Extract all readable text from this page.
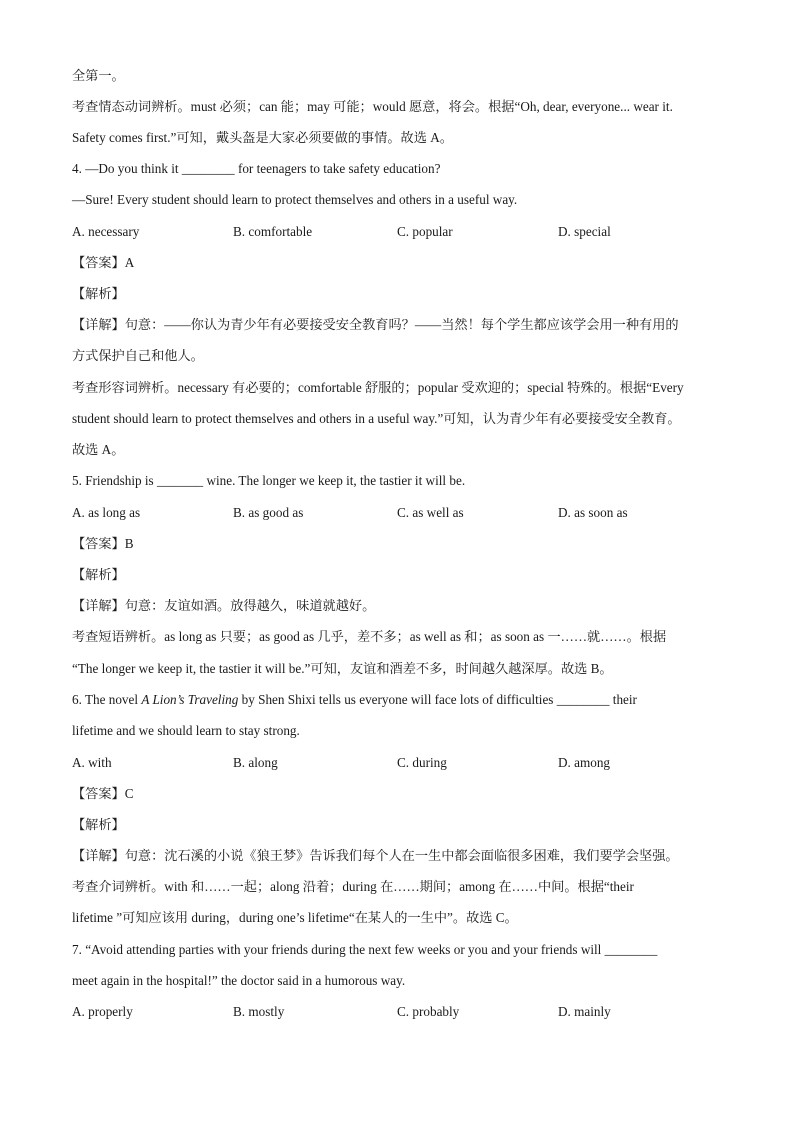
全第一。
考查情态动词辨析。must 必须；can 能；may 可能；would 愿意，将会。根据“Oh, dear, everyone... wear it.
Safety comes first.”可知，戴头盔是大家必须要做的事情。故选 A。
4. —Do you think it ________ for teenagers to take safety education?
—Sure! Every student should learn to protect themselves and others in a useful way.
A. necessary	B. comfortable	C. popular	D. special
【答案】A
【解析】
【详解】句意：——你认为青少年有必要接受安全教育吗？——当然！每个学生都应该学会用一种有用的
方式保护自己和他人。
考查形容词辨析。necessary 有必要的；comfortable 舒服的；popular 受欢迎的；special 特殊的。根据“Every
student should learn to protect themselves and others in a useful way.”可知，认为青少年有必要接受安全教育。
故选 A。
5. Friendship is _______ wine. The longer we keep it, the tastier it will be.
A. as long as	B. as good as	C. as well as	D. as soon as
【答案】B
【解析】
【详解】句意：友谊如酒。放得越久，味道就越好。
考查短语辨析。as long as 只要；as good as 几乎，差不多；as well as 和；as soon as 一……就……。根据
“The longer we keep it, the tastier it will be.”可知，友谊和酒差不多，时间越久越深厚。故选 B。
6. The novel A Lion’s Traveling by Shen Shixi tells us everyone will face lots of difficulties ________ their
lifetime and we should learn to stay strong.
A. with	B. along	C. during	D. among
【答案】C
【解析】
【详解】句意：沈石溪的小说《狼王梦》告诉我们每个人在一生中都会面临很多困难，我们要学会坚强。
考查介词辨析。with 和……一起；along 沿着；during 在……期间；among 在……中间。根据“their
lifetime ”可知应该用 during，during one’s lifetime“在某人的一生中”。故选 C。
7. “Avoid attending parties with your friends during the next few weeks or you and your friends will ________
meet again in the hospital!” the doctor said in a humorous way.
A. properly	B. mostly	C. probably	D. mainly
